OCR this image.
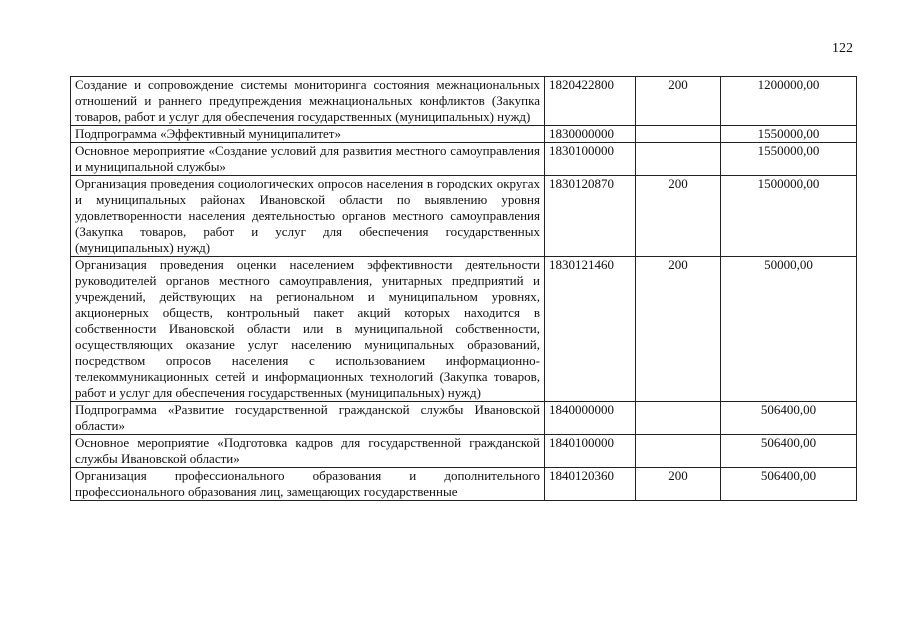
122
Создание и сопровождение системы мониторинга состояния межнациональных отношений и раннего предупреждения межнациональных конфликтов (Закупка товаров, работ и услуг для обеспечения государственных (муниципальных) нужд)	1820422800	200	1200000,00
Подпрограмма «Эффективный муниципалитет»	1830000000		1550000,00
Основное мероприятие «Создание условий для развития местного самоуправления и муниципальной службы»	1830100000		1550000,00
Организация проведения социологических опросов населения в городских округах и муниципальных районах Ивановской области по выявлению уровня удовлетворенности населения деятельностью органов местного самоуправления (Закупка товаров, работ и услуг для обеспечения государственных (муниципальных) нужд)	1830120870	200	1500000,00
Организация проведения оценки населением эффективности деятельности руководителей органов местного самоуправления, унитарных предприятий и учреждений, действующих на региональном и муниципальном уровнях, акционерных обществ, контрольный пакет акций которых находится в собственности Ивановской области или в муниципальной собственности, осуществляющих оказание услуг населению муниципальных образований, посредством опросов населения с использованием информационно-телекоммуникационных сетей и информационных технологий (Закупка товаров, работ и услуг для обеспечения государственных (муниципальных) нужд)	1830121460	200	50000,00
Подпрограмма «Развитие государственной гражданской службы Ивановской области»	1840000000		506400,00
Основное мероприятие «Подготовка кадров для государственной гражданской службы Ивановской области»	1840100000		506400,00
Организация профессионального образования и дополнительного профессионального образования лиц, замещающих государственные	1840120360	200	506400,00
